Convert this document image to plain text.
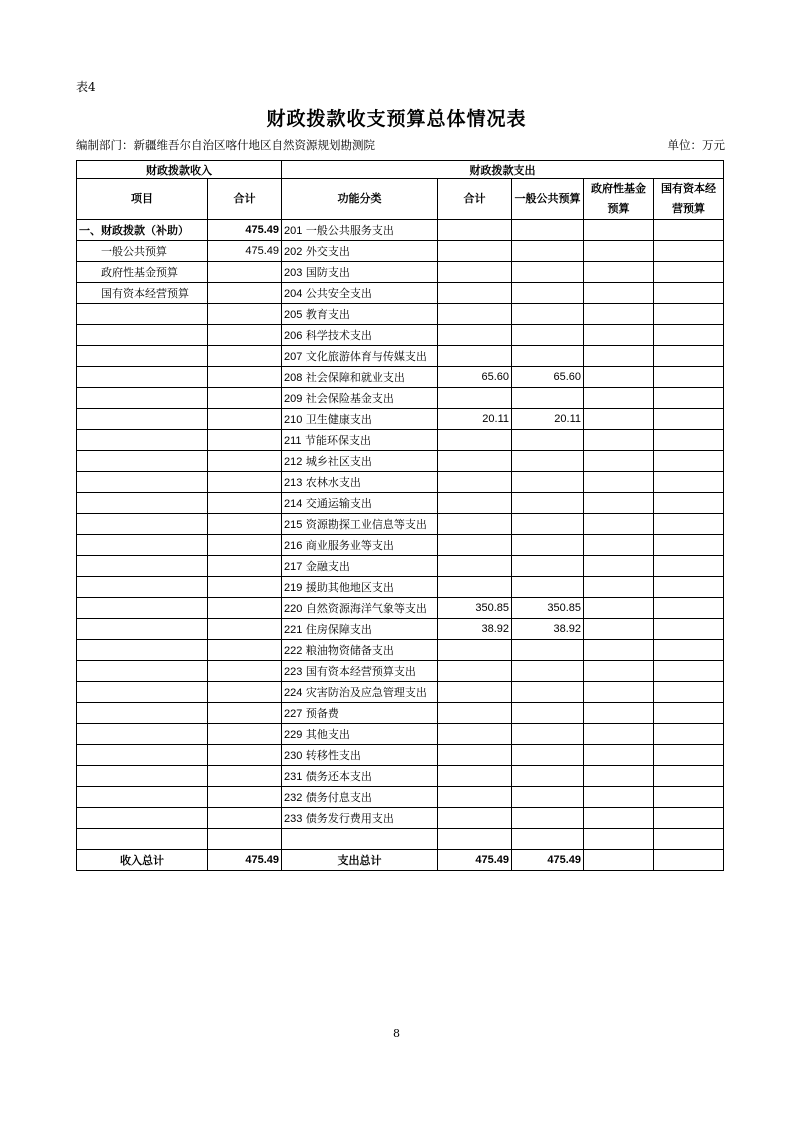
表4
财政拨款收支预算总体情况表
编制部门：新疆维吾尔自治区喀什地区自然资源规划勘测院	单位：万元
财政拨款收入		财政拨款支出				
项目	合计	功能分类	合计	一般公共预算	政府性基金预算	国有资本经营预算
一、财政拨款（补助）	475.49	201 一般公共服务支出				
一般公共预算	475.49	202 外交支出				
政府性基金预算		203 国防支出				
国有资本经营预算		204 公共安全支出				
		205 教育支出				
		206 科学技术支出				
		207 文化旅游体育与传媒支出				
		208 社会保障和就业支出	65.60	65.60		
		209 社会保险基金支出				
		210 卫生健康支出	20.11	20.11		
		211 节能环保支出				
		212 城乡社区支出				
		213 农林水支出				
		214 交通运输支出				
		215 资源勘探工业信息等支出				
		216 商业服务业等支出				
		217 金融支出				
		219 援助其他地区支出				
		220 自然资源海洋气象等支出	350.85	350.85		
		221 住房保障支出	38.92	38.92		
		222 粮油物资储备支出				
		223 国有资本经营预算支出				
		224 灾害防治及应急管理支出				
		227 预备费				
		229 其他支出				
		230 转移性支出				
		231 债务还本支出				
		232 债务付息支出				
		233 债务发行费用支出				

收入总计	475.49	支出总计	475.49	475.49		
8
